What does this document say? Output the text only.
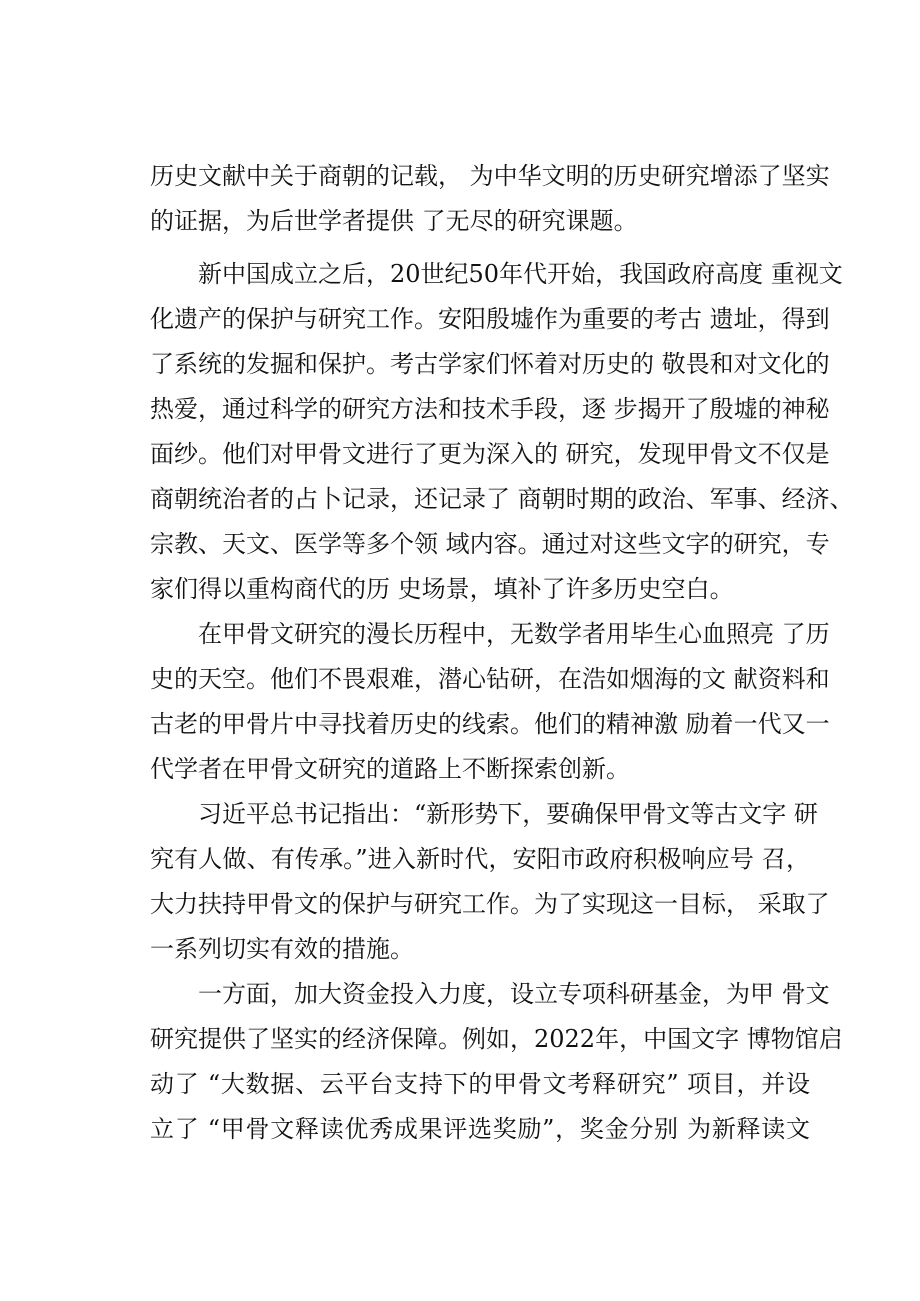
历史文献中关于商朝的记载， 为中华文明的历史研究增添了坚实
的证据，为后世学者提供 了无尽的研究课题。
新中国成立之后，20世纪50年代开始，我国政府高度 重视文
化遗产的保护与研究工作。安阳殷墟作为重要的考古 遗址，得到
了系统的发掘和保护。考古学家们怀着对历史的 敬畏和对文化的
热爱，通过科学的研究方法和技术手段，逐 步揭开了殷墟的神秘
面纱。他们对甲骨文进行了更为深入的 研究，发现甲骨文不仅是
商朝统治者的占卜记录，还记录了 商朝时期的政治、军事、经济、
宗教、天文、医学等多个领 域内容。通过对这些文字的研究，专
家们得以重构商代的历 史场景，填补了许多历史空白。
在甲骨文研究的漫长历程中，无数学者用毕生心血照亮 了历
史的天空。他们不畏艰难，潜心钻研，在浩如烟海的文 献资料和
古老的甲骨片中寻找着历史的线索。他们的精神激 励着一代又一
代学者在甲骨文研究的道路上不断探索创新。
习近平总书记指出：“新形势下，要确保甲骨文等古文字 研
究有人做、有传承。”进入新时代，安阳市政府积极响应号 召，
大力扶持甲骨文的保护与研究工作。为了实现这一目标， 采取了
一系列切实有效的措施。
一方面，加大资金投入力度，设立专项科研基金，为甲 骨文
研究提供了坚实的经济保障。例如，2022年，中国文字 博物馆启
动了 “大数据、云平台支持下的甲骨文考释研究” 项目，并设
立了 “甲骨文释读优秀成果评选奖励”，奖金分别 为新释读文
